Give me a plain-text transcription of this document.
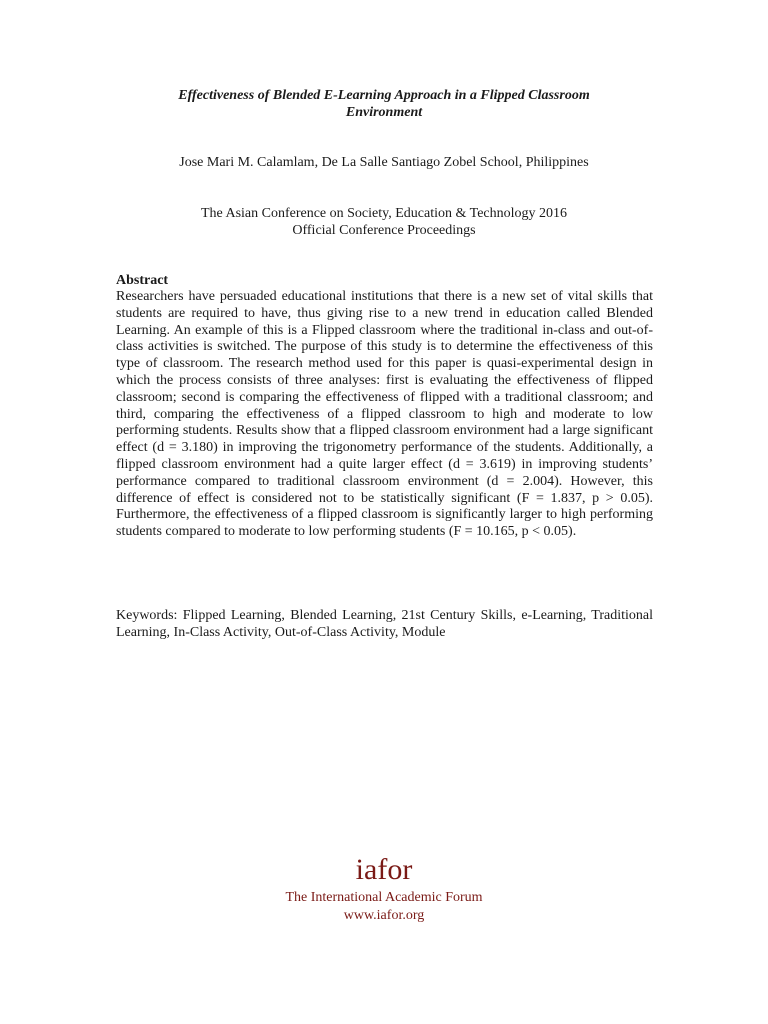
Effectiveness of Blended E-Learning Approach in a Flipped Classroom
Environment
Jose Mari M. Calamlam, De La Salle Santiago Zobel School, Philippines
The Asian Conference on Society, Education & Technology 2016
Official Conference Proceedings
Abstract

Researchers have persuaded educational institutions that there is a new set of vital skills that students are required to have, thus giving rise to a new trend in education called Blended Learning. An example of this is a Flipped classroom where the traditional in-class and out-of-class activities is switched. The purpose of this study is to determine the effectiveness of this type of classroom. The research method used for this paper is quasi-experimental design in which the process consists of three analyses: first is evaluating the effectiveness of flipped classroom; second is comparing the effectiveness of flipped with a traditional classroom; and third, comparing the effectiveness of a flipped classroom to high and moderate to low performing students. Results show that a flipped classroom environment had a large significant effect (d = 3.180) in improving the trigonometry performance of the students. Additionally, a flipped classroom environment had a quite larger effect (d = 3.619) in improving students’ performance compared to traditional classroom environment (d = 2.004). However, this difference of effect is considered not to be statistically significant (F = 1.837, p > 0.05). Furthermore, the effectiveness of a flipped classroom is significantly larger to high performing students compared to moderate to low performing students (F = 10.165, p < 0.05).

Keywords: Flipped Learning, Blended Learning, 21st Century Skills, e-Learning, Traditional Learning, In-Class Activity, Out-of-Class Activity, Module

iafor
The International Academic Forum
www.iafor.org
